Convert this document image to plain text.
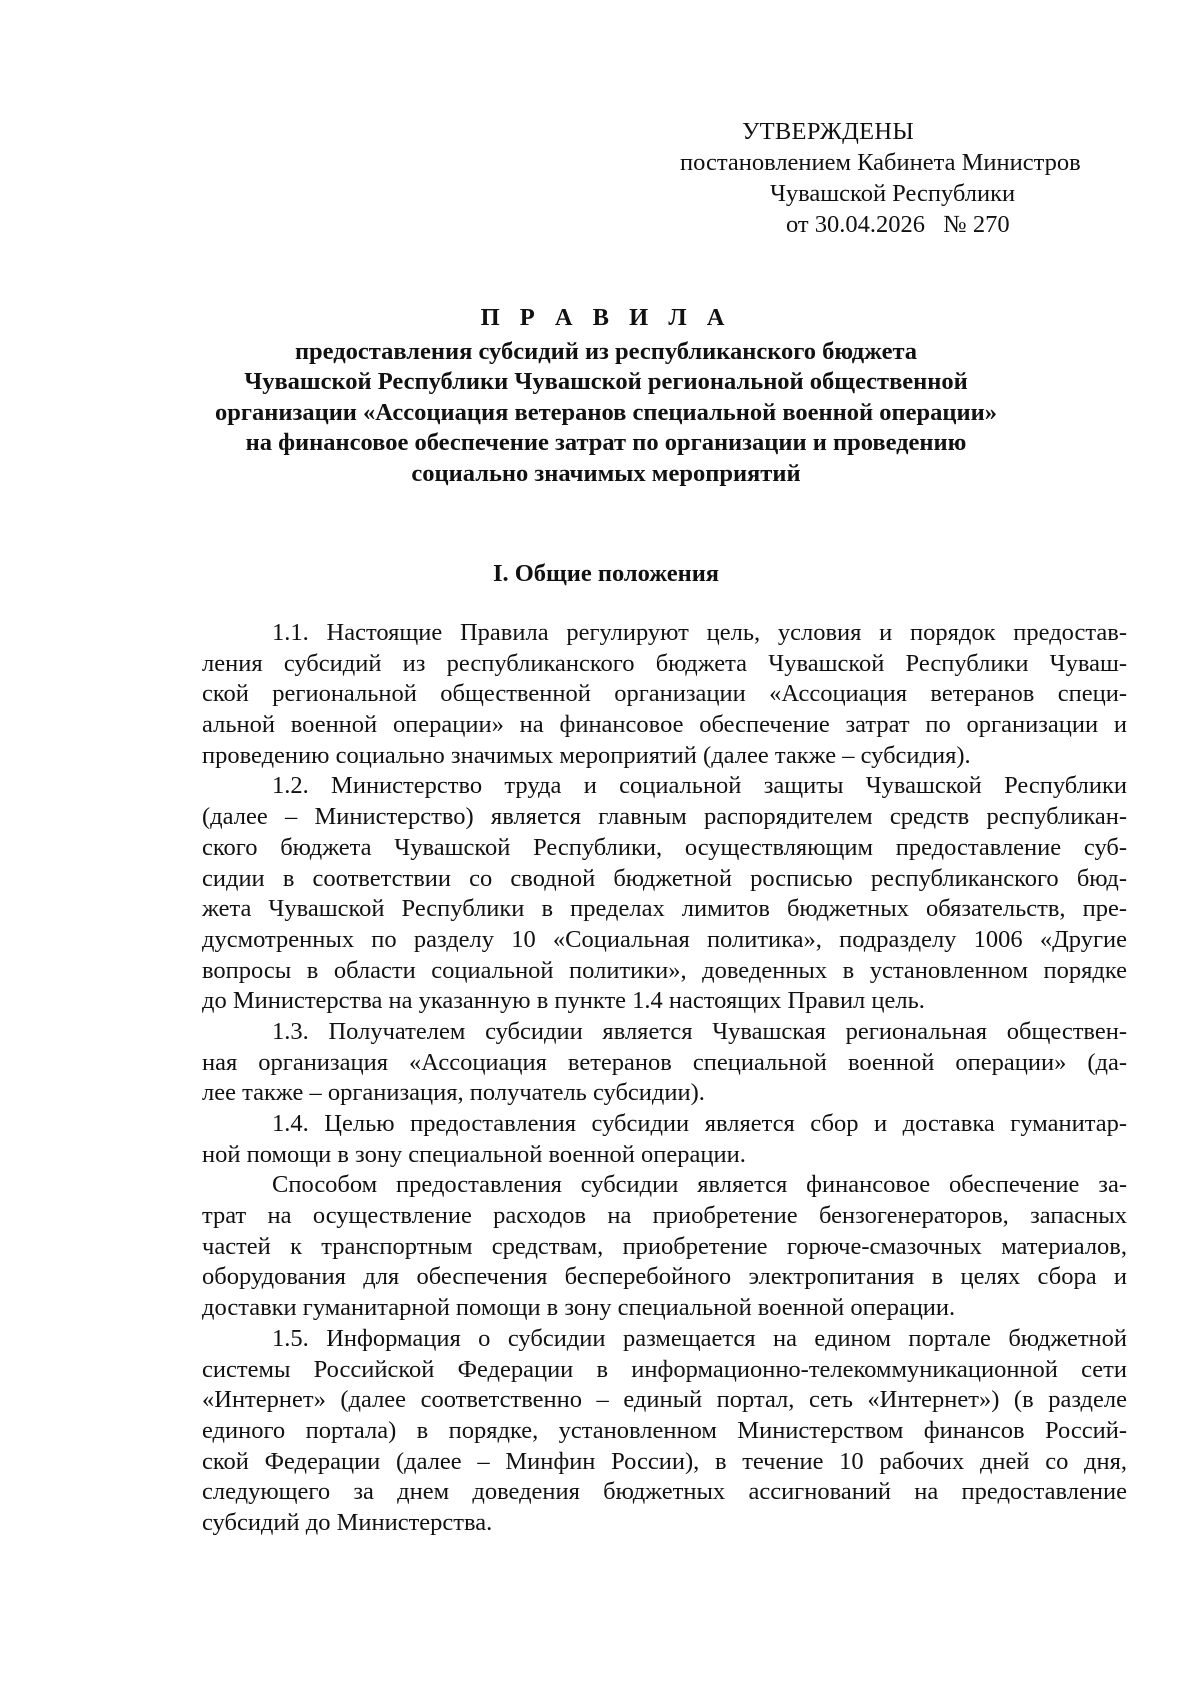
УТВЕРЖДЕНЫ
постановлением Кабинета Министров
Чувашской Республики
от 30.04.2026   № 270
П Р А В И Л А
предоставления субсидий из республиканского бюджета
Чувашской Республики Чувашской региональной общественной
организации «Ассоциация ветеранов специальной военной операции»
на финансовое обеспечение затрат по организации и проведению
социально значимых мероприятий
I. Общие положения
1.1. Настоящие Правила регулируют цель, условия и порядок предостав-
ления субсидий из республиканского бюджета Чувашской Республики Чуваш-
ской региональной общественной организации «Ассоциация ветеранов специ-
альной военной операции» на финансовое обеспечение затрат по организации и
проведению социально значимых мероприятий (далее также – субсидия).
1.2. Министерство труда и социальной защиты Чувашской Республики
(далее – Министерство) является главным распорядителем средств республикан-
ского бюджета Чувашской Республики, осуществляющим предоставление суб-
сидии в соответствии со сводной бюджетной росписью республиканского бюд-
жета Чувашской Республики в пределах лимитов бюджетных обязательств, пре-
дусмотренных по разделу 10 «Социальная политика», подразделу 1006 «Другие
вопросы в области социальной политики», доведенных в установленном порядке
до Министерства на указанную в пункте 1.4 настоящих Правил цель.
1.3. Получателем субсидии является Чувашская региональная обществен-
ная организация «Ассоциация ветеранов специальной военной операции» (да-
лее также – организация, получатель субсидии).
1.4. Целью предоставления субсидии является сбор и доставка гуманитар-
ной помощи в зону специальной военной операции.
Способом предоставления субсидии является финансовое обеспечение за-
трат на осуществление расходов на приобретение бензогенераторов, запасных
частей к транспортным средствам, приобретение горюче-смазочных материалов,
оборудования для обеспечения бесперебойного электропитания в целях сбора и
доставки гуманитарной помощи в зону специальной военной операции.
1.5. Информация о субсидии размещается на едином портале бюджетной
системы Российской Федерации в информационно-телекоммуникационной сети
«Интернет» (далее соответственно – единый портал, сеть «Интернет») (в разделе
единого портала) в порядке, установленном Министерством финансов Россий-
ской Федерации (далее – Минфин России), в течение 10 рабочих дней со дня,
следующего за днем доведения бюджетных ассигнований на предоставление
субсидий до Министерства.
